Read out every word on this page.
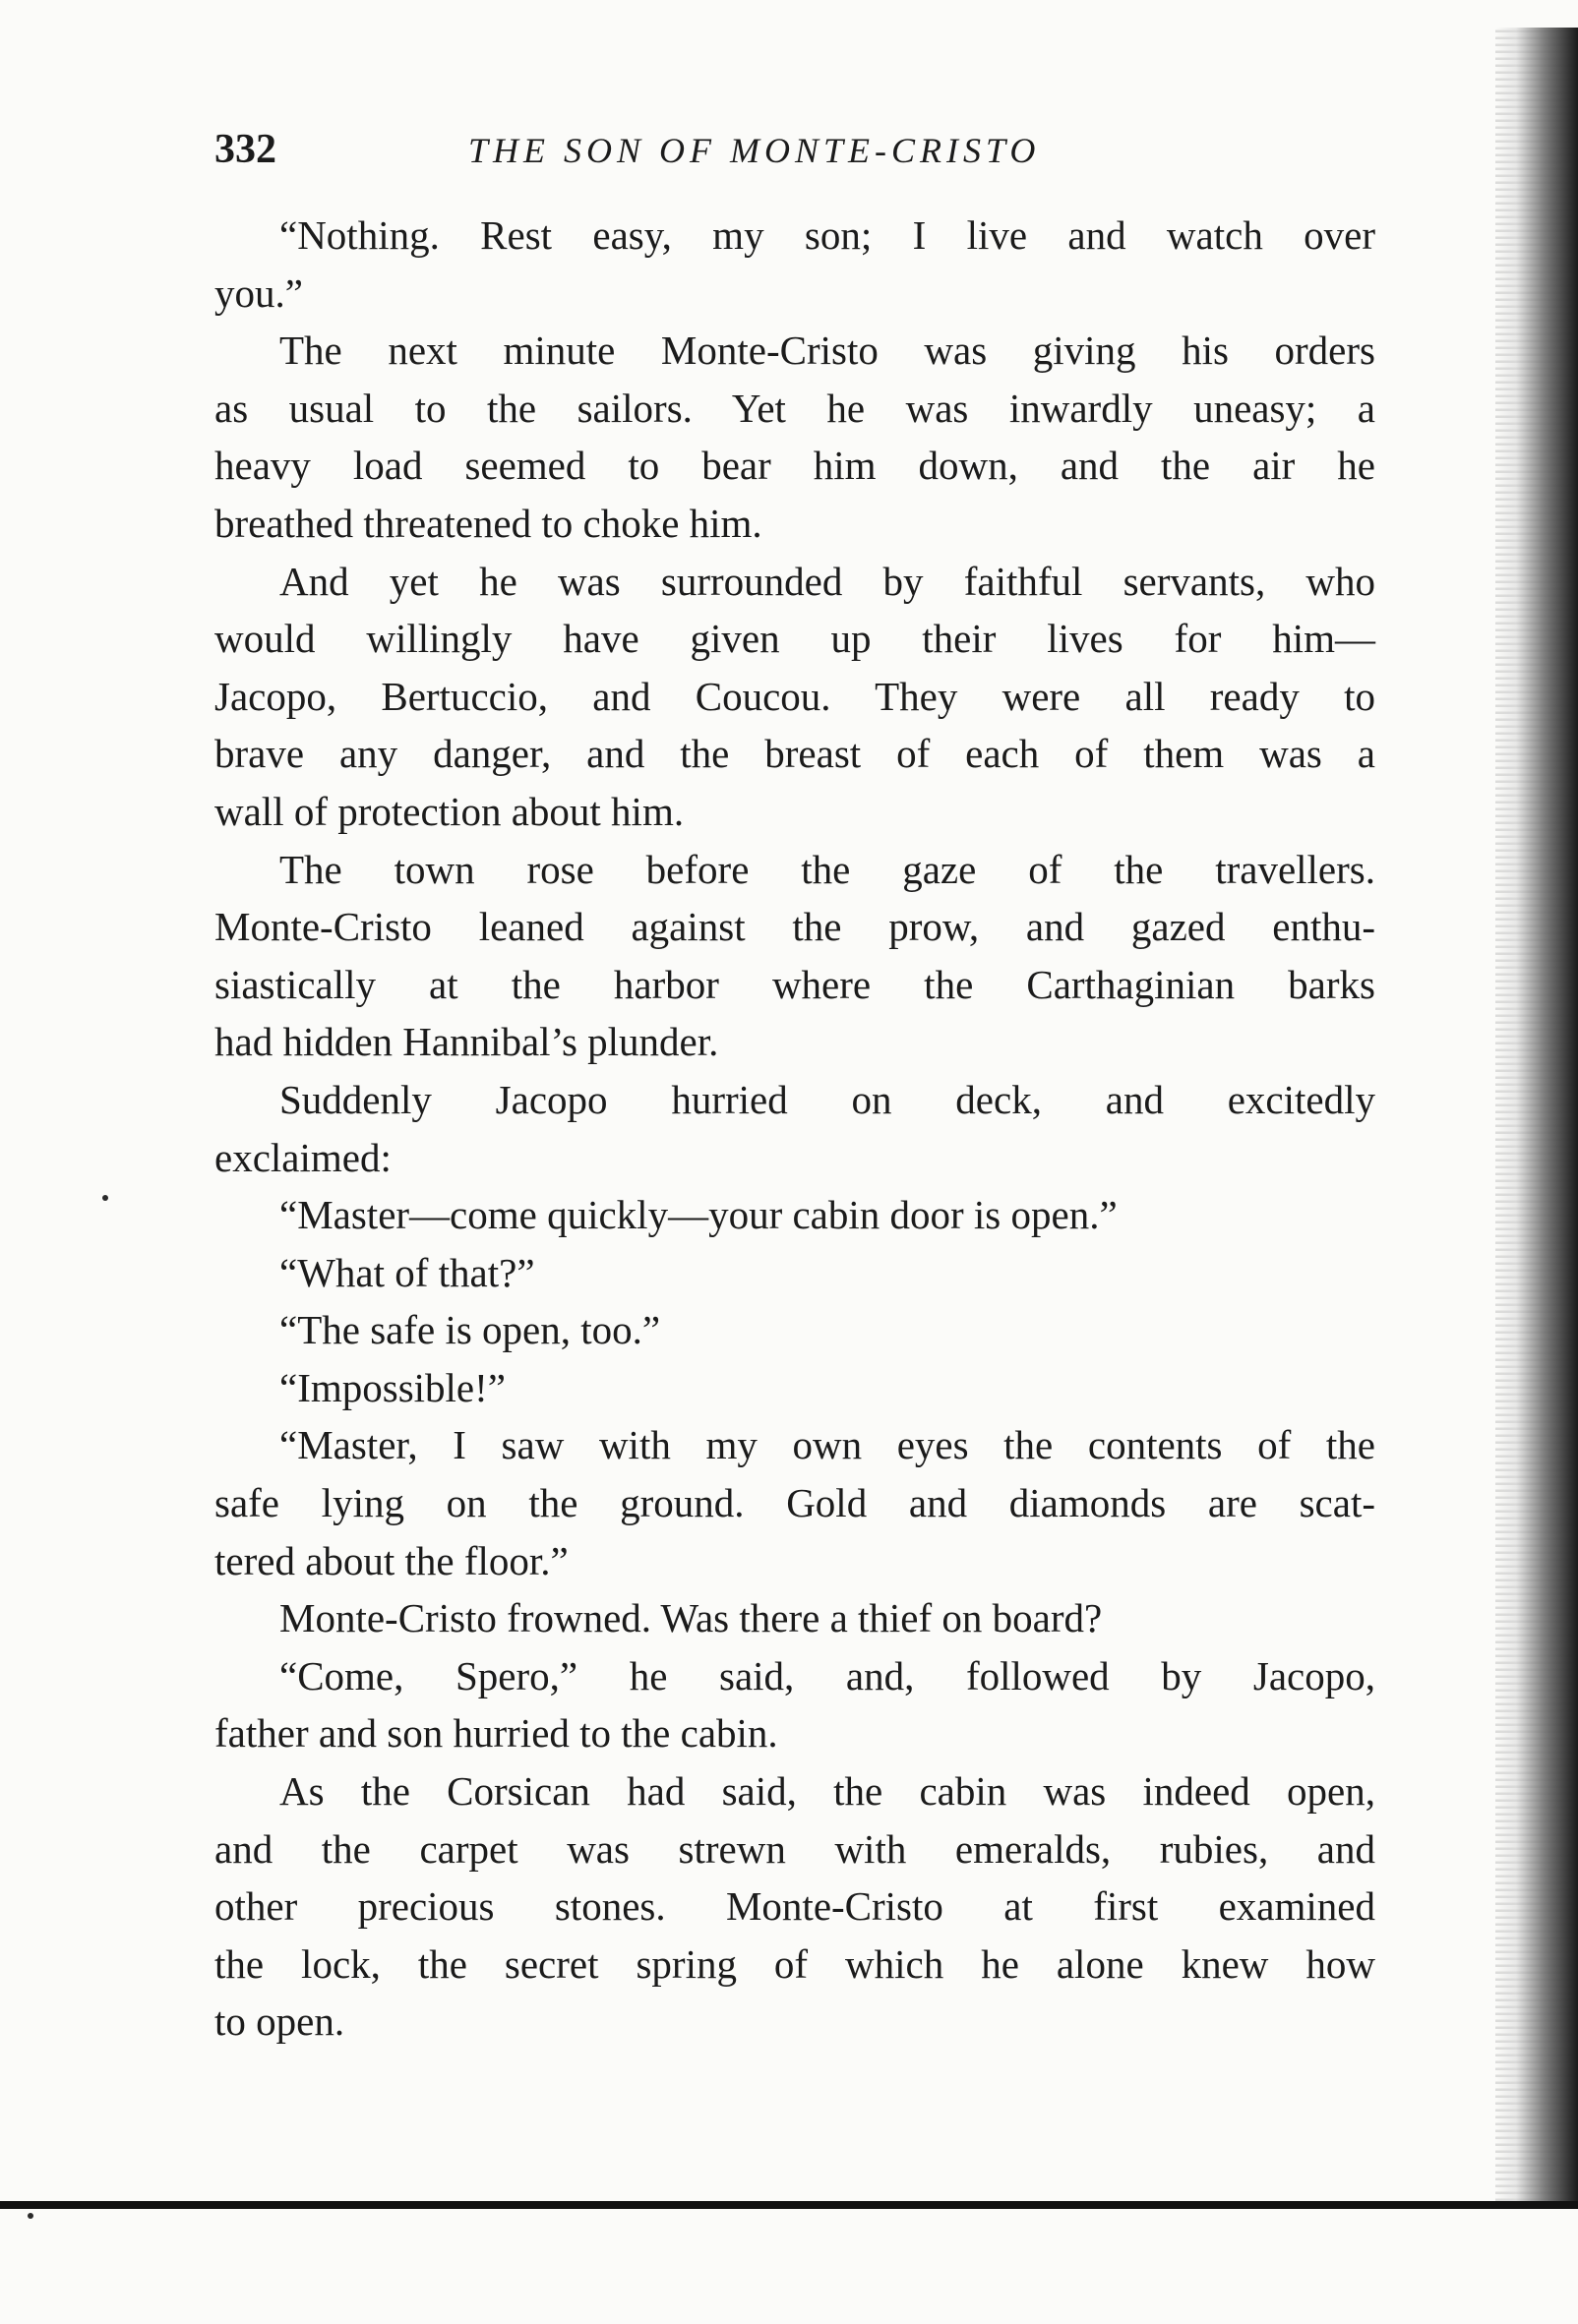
332	THE SON OF MONTE-CRISTO

“Nothing. Rest easy, my son; I live and watch over
you.”

The next minute Monte-Cristo was giving his orders
as usual to the sailors. Yet he was inwardly uneasy; a
heavy load seemed to bear him down, and the air he
breathed threatened to choke him.

And yet he was surrounded by faithful servants, who
would willingly have given up their lives for him—
Jacopo, Bertuccio, and Coucou. They were all ready to
brave any danger, and the breast of each of them was a
wall of protection about him.

The town rose before the gaze of the travellers.
Monte-Cristo leaned against the prow, and gazed enthu-
siastically at the harbor where the Carthaginian barks
had hidden Hannibal’s plunder.

Suddenly Jacopo hurried on deck, and excitedly
exclaimed:

“Master—come quickly—your cabin door is open.”

“What of that?”

“The safe is open, too.”

“Impossible!”

“Master, I saw with my own eyes the contents of the
safe lying on the ground. Gold and diamonds are scat-
tered about the floor.”

Monte-Cristo frowned. Was there a thief on board?

“Come, Spero,” he said, and, followed by Jacopo,
father and son hurried to the cabin.

As the Corsican had said, the cabin was indeed open,
and the carpet was strewn with emeralds, rubies, and
other precious stones. Monte-Cristo at first examined
the lock, the secret spring of which he alone knew how
to open.
